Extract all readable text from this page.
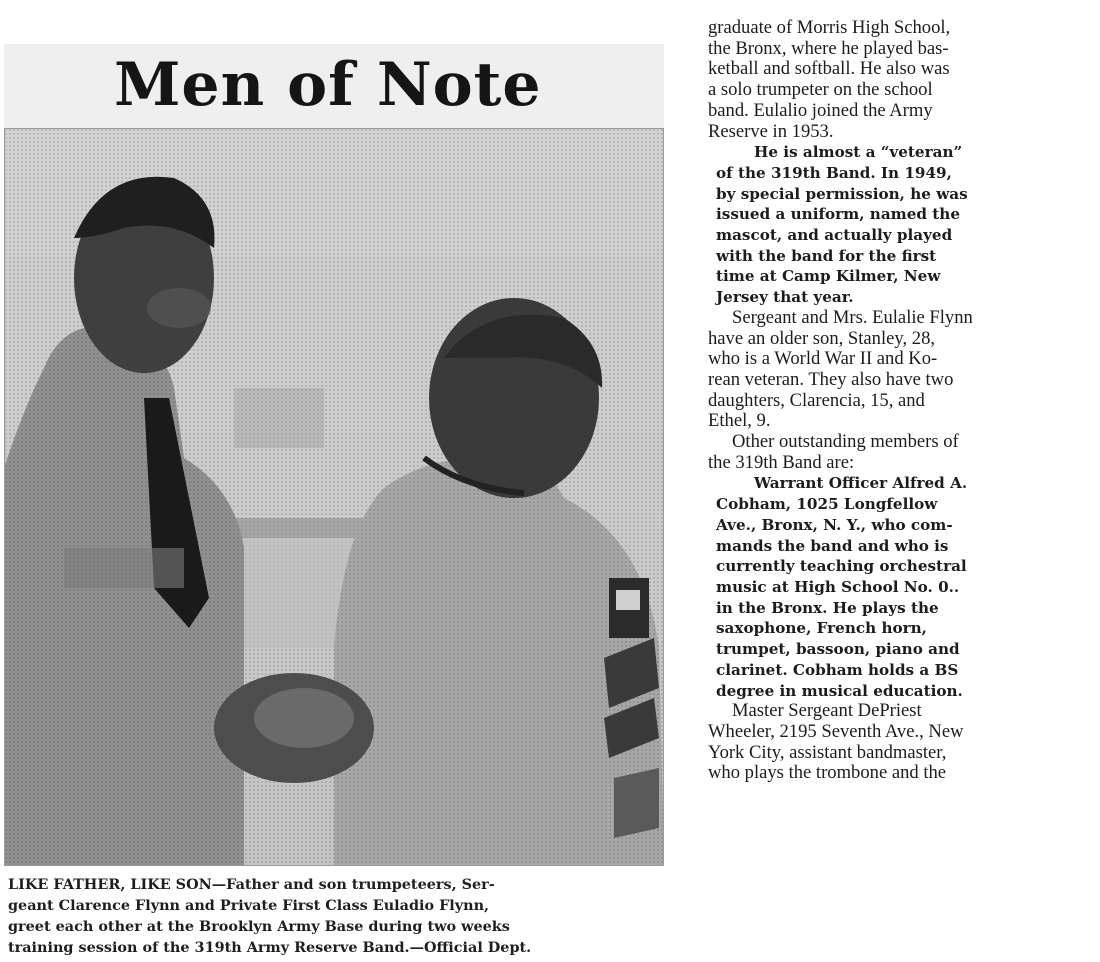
Men of Note
LIKE FATHER, LIKE SON—Father and son trumpeteers, Ser-
geant Clarence Flynn and Private First Class Euladio Flynn,
greet each other at the Brooklyn Army Base during two weeks
training session of the 319th Army Reserve Band.—Official Dept.
graduate of Morris High School,
the Bronx, where he played bas-
ketball and softball. He also was
a solo trumpeter on the school
band. Eulalio joined the Army
Reserve in 1953.
He is almost a “veteran”
of the 319th Band. In 1949,
by special permission, he was
issued a uniform, named the
mascot, and actually played
with the band for the first
time at Camp Kilmer, New
Jersey that year.
Sergeant and Mrs. Eulalie Flynn
have an older son, Stanley, 28,
who is a World War II and Ko-
rean veteran. They also have two
daughters, Clarencia, 15, and
Ethel, 9.
Other outstanding members of
the 319th Band are:
Warrant Officer Alfred A.
Cobham, 1025 Longfellow
Ave., Bronx, N. Y., who com-
mands the band and who is
currently teaching orchestral
music at High School No. 0..
in the Bronx. He plays the
saxophone, French horn,
trumpet, bassoon, piano and
clarinet. Cobham holds a BS
degree in musical education.
Master Sergeant DePriest
Wheeler, 2195 Seventh Ave., New
York City, assistant bandmaster,
who plays the trombone and the
